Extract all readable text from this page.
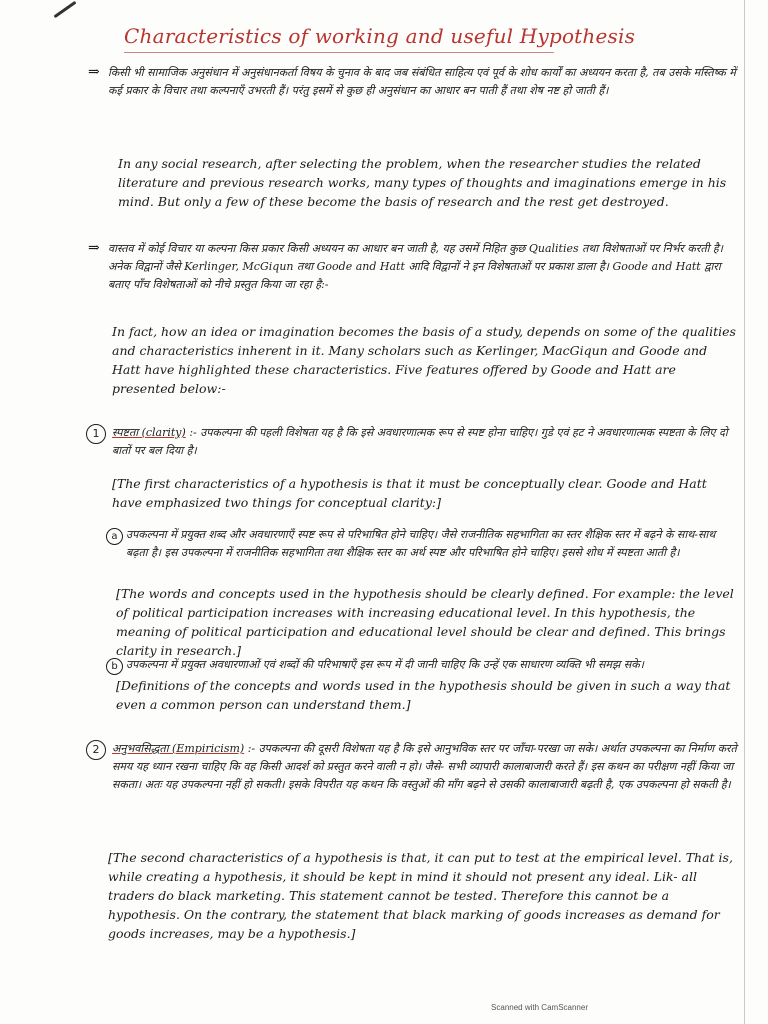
Characteristics of working and useful Hypothesis
⇒ किसी भी सामाजिक अनुसंधान में अनुसंधानकर्ता विषय के चुनाव के बाद जब संबंधित साहित्य एवं पूर्व के शोध कार्यों का अध्ययन करता है, तब उसके मस्तिष्क में कई प्रकार के विचार तथा कल्पनाएँ उभरती हैं। परंतु इसमें से कुछ ही अनुसंधान का आधार बन पाती हैं तथा शेष नष्ट हो जाती हैं।
In any social research, after selecting the problem, when the researcher studies the related literature and previous research works, many types of thoughts and imaginations emerge in his mind. But only a few of these become the basis of research and the rest get destroyed.
⇒ वास्तव में कोई विचार या कल्पना किस प्रकार किसी अध्ययन का आधार बन जाती है, यह उसमें निहित कुछ Qualities तथा विशेषताओं पर निर्भर करती है। अनेक विद्वानों जैसे Kerlinger, McGiqun तथा Goode and Hatt आदि विद्वानों ने इन विशेषताओं पर प्रकाश डाला है। Goode and Hatt द्वारा बताए पाँच विशेषताओं को नीचे प्रस्तुत किया जा रहा है:-
In fact, how an idea or imagination becomes the basis of a study, depends on some of the qualities and characteristics inherent in it. Many scholars such as Kerlinger, MacGiqun and Goode and Hatt have highlighted these characteristics. Five features offered by Goode and Hatt are presented below:-
1	स्पष्टता (clarity) :- उपकल्पना की पहली विशेषता यह है कि इसे अवधारणात्मक रूप से स्पष्ट होना चाहिए। गुडे एवं हट ने अवधारणात्मक स्पष्टता के लिए दो बातों पर बल दिया है।
[The first characteristics of a hypothesis is that it must be conceptually clear. Goode and Hatt have emphasized two things for conceptual clarity:]
a उपकल्पना में प्रयुक्त शब्द और अवधारणाएँ स्पष्ट रूप से परिभाषित होने चाहिए। जैसे राजनीतिक सहभागिता का स्तर शैक्षिक स्तर में बढ़ने के साथ-साथ बढ़ता है। इस उपकल्पना में राजनीतिक सहभागिता तथा शैक्षिक स्तर का अर्थ स्पष्ट और परिभाषित होने चाहिए। इससे शोध में स्पष्टता आती है।
[The words and concepts used in the hypothesis should be clearly defined. For example: the level of political participation increases with increasing educational level. In this hypothesis, the meaning of political participation and educational level should be clear and defined. This brings clarity in research.]
b उपकल्पना में प्रयुक्त अवधारणाओं एवं शब्दों की परिभाषाएँ इस रूप में दी जानी चाहिए कि उन्हें एक साधारण व्यक्ति भी समझ सके।
[Definitions of the concepts and words used in the hypothesis should be given in such a way that even a common person can understand them.]
2	अनुभवसिद्धता (Empiricism) :- उपकल्पना की दूसरी विशेषता यह है कि इसे आनुभविक स्तर पर जाँचा-परखा जा सके। अर्थात उपकल्पना का निर्माण करते समय यह ध्यान रखना चाहिए कि वह किसी आदर्श को प्रस्तुत करने वाली न हो। जैसे- सभी व्यापारी कालाबाजारी करते हैं। इस कथन का परीक्षण नहीं किया जा सकता। अतः यह उपकल्पना नहीं हो सकती। इसके विपरीत यह कथन कि वस्तुओं की माँग बढ़ने से उसकी कालाबाजारी बढ़ती है, एक उपकल्पना हो सकती है।
[The second characteristics of a hypothesis is that, it can put to test at the empirical level. That is, while creating a hypothesis, it should be kept in mind it should not present any ideal. Lik- all traders do black marketing. This statement cannot be tested. Therefore this cannot be a hypothesis. On the contrary, the statement that black marking of goods increases as demand for goods increases, may be a hypothesis.]
Scanned with CamScanner
